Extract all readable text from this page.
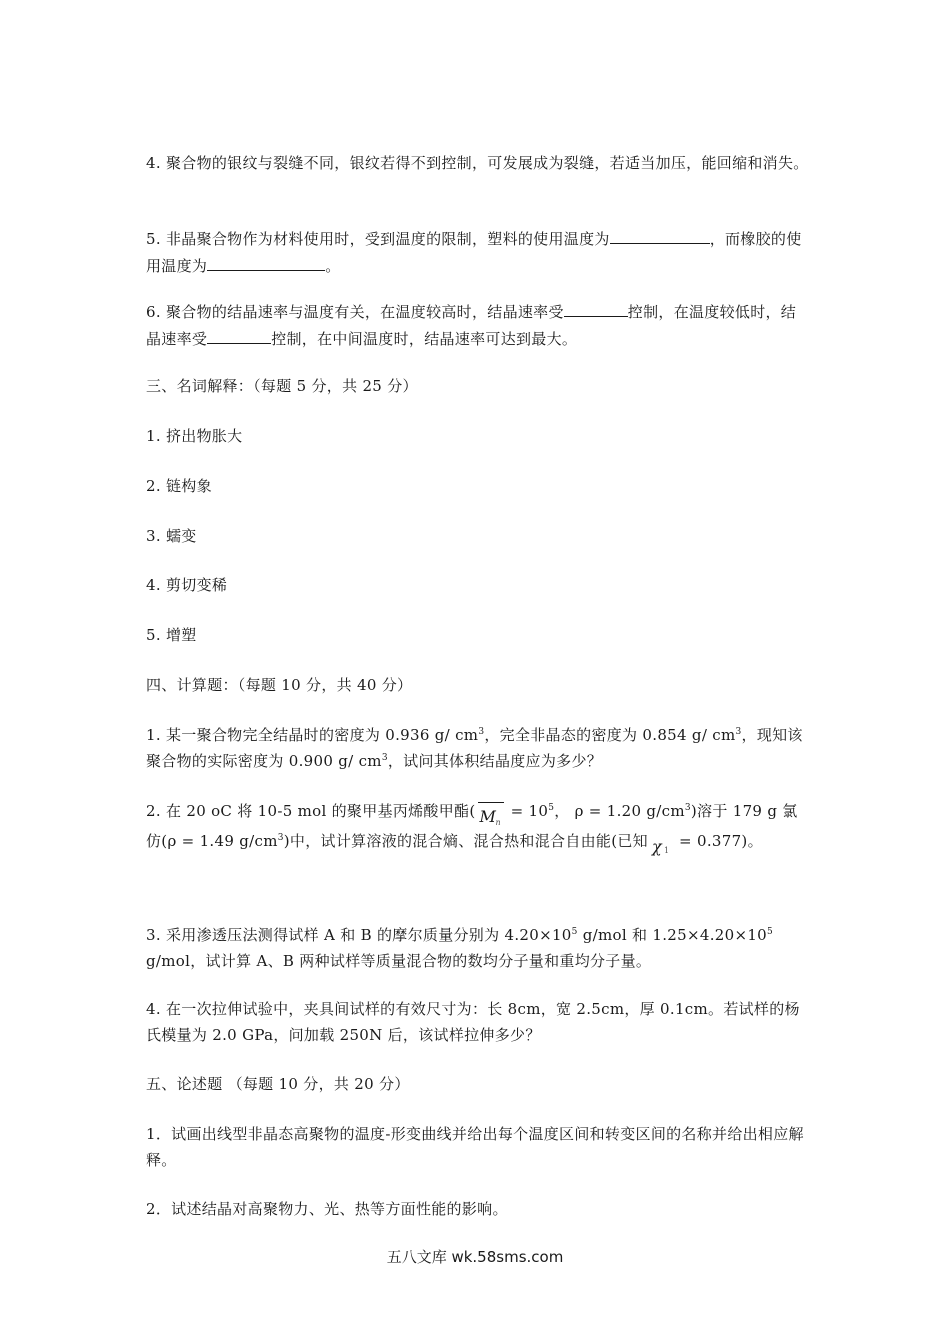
4. 聚合物的银纹与裂缝不同，银纹若得不到控制，可发展成为裂缝，若适当加压，能回缩和消失。

5. 非晶聚合物作为材料使用时，受到温度的限制，塑料的使用温度为	，而橡胶的使用温度为	。

6. 聚合物的结晶速率与温度有关，在温度较高时，结晶速率受	控制，在温度较低时，结晶速率受	控制，在中间温度时，结晶速率可达到最大。

三、名词解释：（每题 5 分，共 25 分）

1. 挤出物胀大

2. 链构象

3. 蠕变

4. 剪切变稀

5. 增塑

四、计算题：（每题 10 分，共 40 分）

1. 某一聚合物完全结晶时的密度为 0.936 g/ $cm^3$，完全非晶态的密度为 0.854 g/ $cm^3$，现知该聚合物的实际密度为 0.900 g/ $cm^3$，试问其体积结晶度应为多少？

2. 在 20 oC 将 10-5 mol 的聚甲基丙烯酸甲酯( M n
= $10^5$， ρ = 1.20 $g/cm^3$)溶于 179 g 氯
仿(ρ = 1.49 $g/cm^3$)中，试计算溶液的混合熵、混合热和混合自由能(已知 χ 1
= 0.377)。

3. 采用渗透压法测得试样 A 和 B 的摩尔质量分别为 $4.20\times 10^5$ g/mol 和 $1.25\times 4.20\times 10^5$ g/mol，试计算 A、B 两种试样等质量混合物的数均分子量和重均分子量。

4. 在一次拉伸试验中，夹具间试样的有效尺寸为：长 8cm，宽 2.5cm，厚 0.1cm。若试样的杨氏模量为 2.0 GPa，问加载 250N 后，该试样拉伸多少？

五、论述题 （每题 10 分，共 20 分）

1．试画出线型非晶态高聚物的温度-形变曲线并给出每个温度区间和转变区间的名称并给出相应解释。

2．试述结晶对高聚物力、光、热等方面性能的影响。

五八文库 wk.58sms.com
